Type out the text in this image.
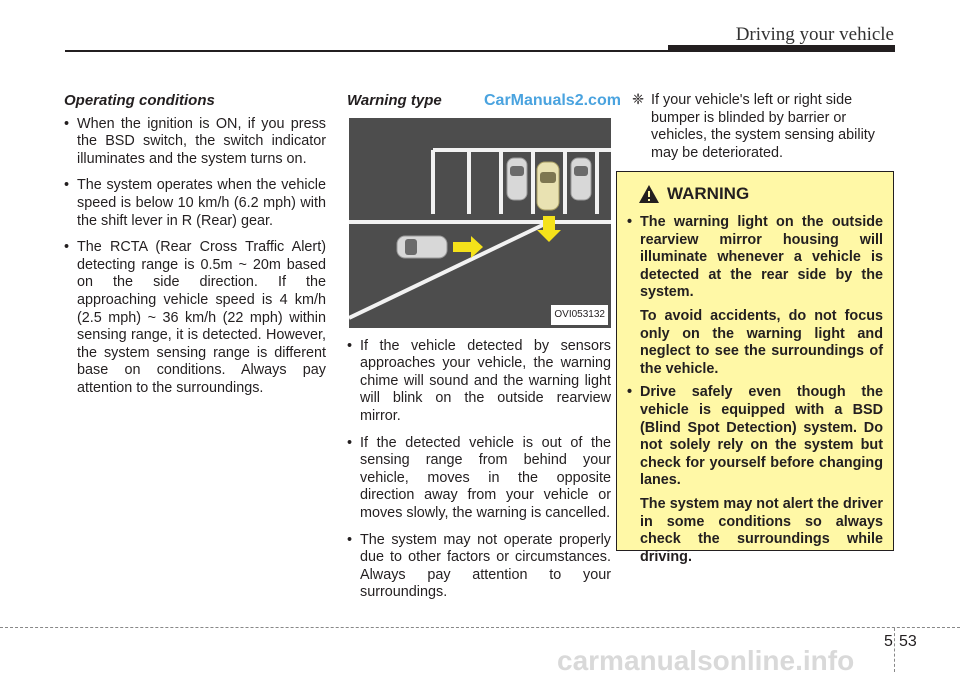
Driving your vehicle

Operating conditions

• When the ignition is ON, if you press the BSD switch, the switch indicator illuminates and the system turns on.

• The system operates when the vehicle speed is below 10 km/h (6.2 mph) with the shift lever in R (Rear) gear.

• The RCTA (Rear Cross Traffic Alert) detecting range is 0.5m ~ 20m based on the side direction. If the approaching vehicle speed is 4 km/h (2.5 mph) ~ 36 km/h (22 mph) within sensing range, it is detected. However, the system sensing range is different base on conditions. Always pay attention to the surroundings.

Warning type

OVI053132

• If the vehicle detected by sensors approaches your vehicle, the warning chime will sound and the warning light will blink on the outside rearview mirror.

• If the detected vehicle is out of the sensing range from behind your vehicle, moves in the opposite direction away from your vehicle or moves slowly, the warning is cancelled.

• The system may not operate properly due to other factors or circumstances. Always pay attention to your surroundings.

CarManuals2.com ❈ If your vehicle's left or right side bumper is blinded by barrier or vehicles, the system sensing ability may be deteriorated.

WARNING

• The warning light on the outside rearview mirror housing will illuminate whenever a vehicle is detected at the rear side by the system.

To avoid accidents, do not focus only on the warning light and neglect to see the surroundings of the vehicle.

• Drive safely even though the vehicle is equipped with a BSD (Blind Spot Detection) system. Do not solely rely on the system but check for yourself before changing lanes.

The system may not alert the driver in some conditions so always check the surroundings while driving.

5 53
carmanualsonline.info
